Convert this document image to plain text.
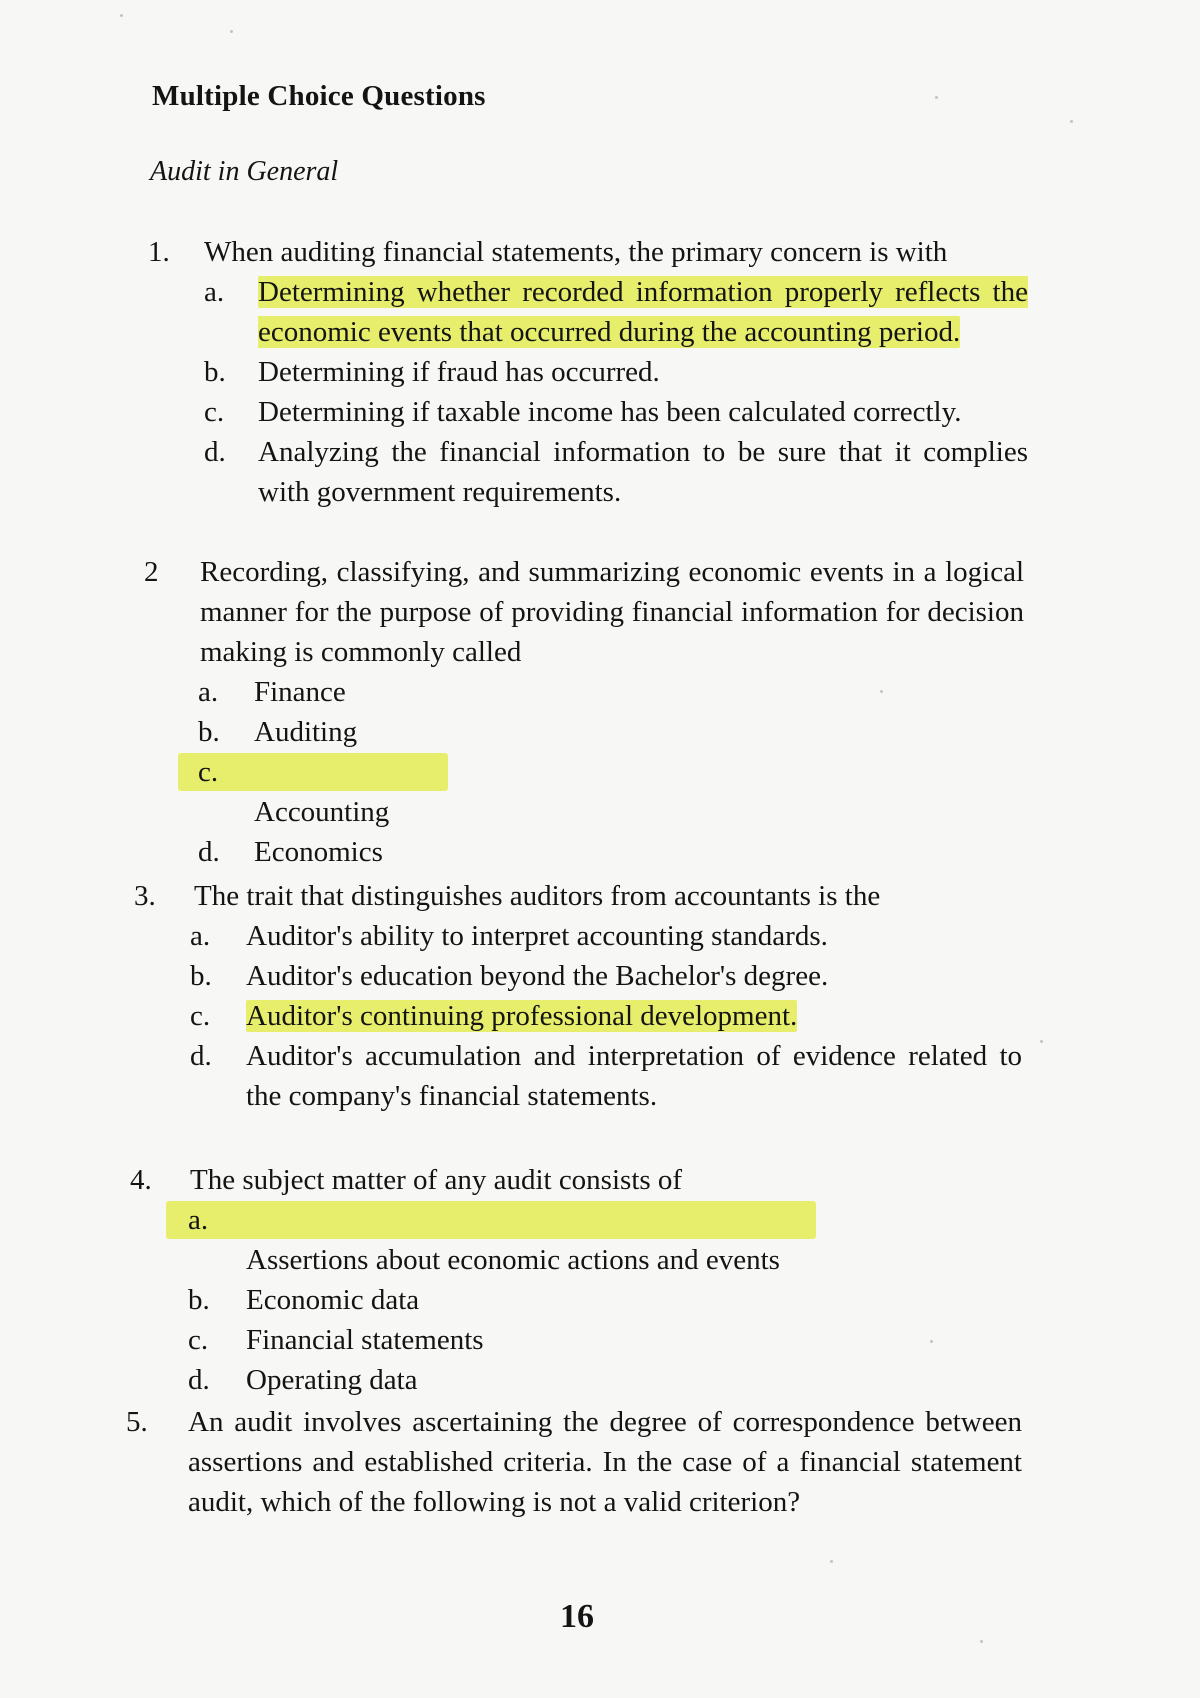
Multiple Choice Questions
Audit in General
1. When auditing financial statements, the primary concern is with
a. Determining whether recorded information properly reflects the economic events that occurred during the accounting period.
b. Determining if fraud has occurred.
c. Determining if taxable income has been calculated correctly.
d. Analyzing the financial information to be sure that it complies with government requirements.
2 Recording, classifying, and summarizing economic events in a logical manner for the purpose of providing financial information for decision making is commonly called
a. Finance
b. Auditing
c.
Accounting
d. Economics
3. The trait that distinguishes auditors from accountants is the
a. Auditor's ability to interpret accounting standards.
b. Auditor's education beyond the Bachelor's degree.
Auditor's continuing professional development.
c.
d. Auditor's accumulation and interpretation of evidence related to the company's financial statements.
4. The subject matter of any audit consists of
a.
Assertions about economic actions and events
b. Economic data
c. Financial statements
d. Operating data
5. An audit involves ascertaining the degree of correspondence between assertions and established criteria. In the case of a financial statement audit, which of the following is not a valid criterion?
16
